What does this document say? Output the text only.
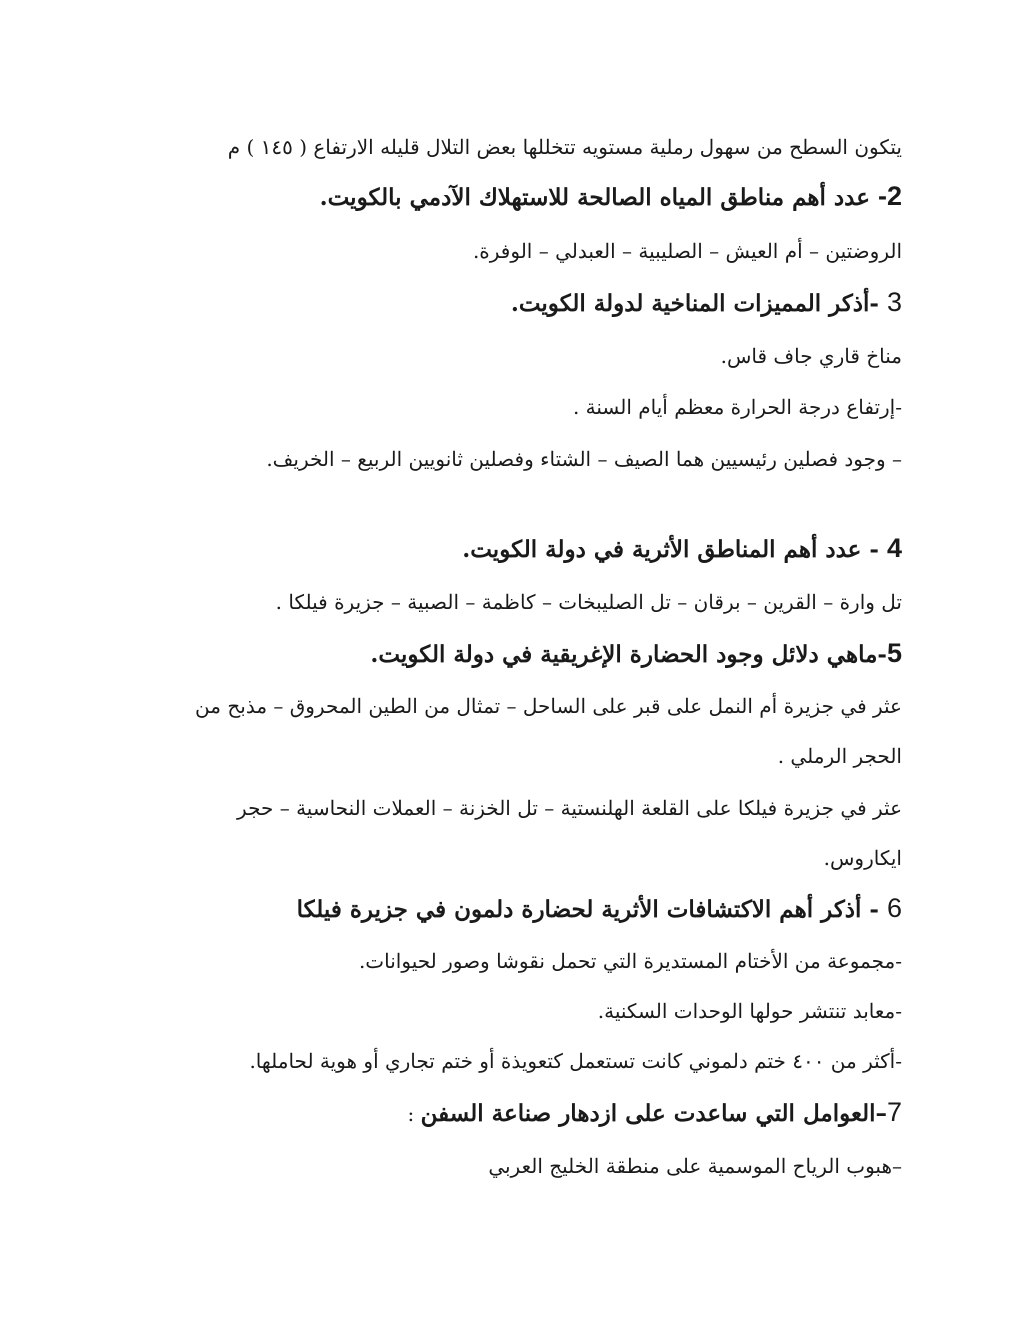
يتكون السطح من سهول رملية مستويه تتخللها بعض التلال قليله الارتفاع ( ١٤٥ ) م
2- عدد أهم مناطق المياه الصالحة للاستهلاك الآدمي بالكويت.
الروضتين – أم العيش – الصليبية – العبدلي – الوفرة.
3 -أذكر المميزات المناخية لدولة الكويت.
مناخ قاري جاف قاس.
-إرتفاع درجة الحرارة معظم أيام السنة .
– وجود فصلين رئيسيين هما الصيف – الشتاء وفصلين ثانويين الربيع – الخريف.
4 - عدد أهم المناطق الأثرية في دولة الكويت.
تل وارة – القرين – برقان – تل الصليبخات – كاظمة – الصبية – جزيرة فيلكا .
5-ماهي دلائل وجود الحضارة الإغريقية في دولة الكويت.
عثر في جزيرة أم النمل على قبر على الساحل – تمثال من الطين المحروق – مذبح من
الحجر الرملي .
عثر في جزيرة فيلكا على القلعة الهلنستية – تل الخزنة – العملات النحاسية – حجر
ايكاروس.
6 - أذكر أهم الاكتشافات الأثرية لحضارة دلمون في جزيرة فيلكا
-مجموعة من الأختام المستديرة التي تحمل نقوشا وصور لحيوانات.
-معابد تنتشر حولها الوحدات السكنية.
-أكثر من ٤٠٠ ختم دلموني كانت تستعمل كتعويذة أو ختم تجاري أو هوية لحاملها.
7–العوامل التي ساعدت على ازدهار صناعة السفن :
–هبوب الرياح الموسمية على منطقة الخليج العربي
